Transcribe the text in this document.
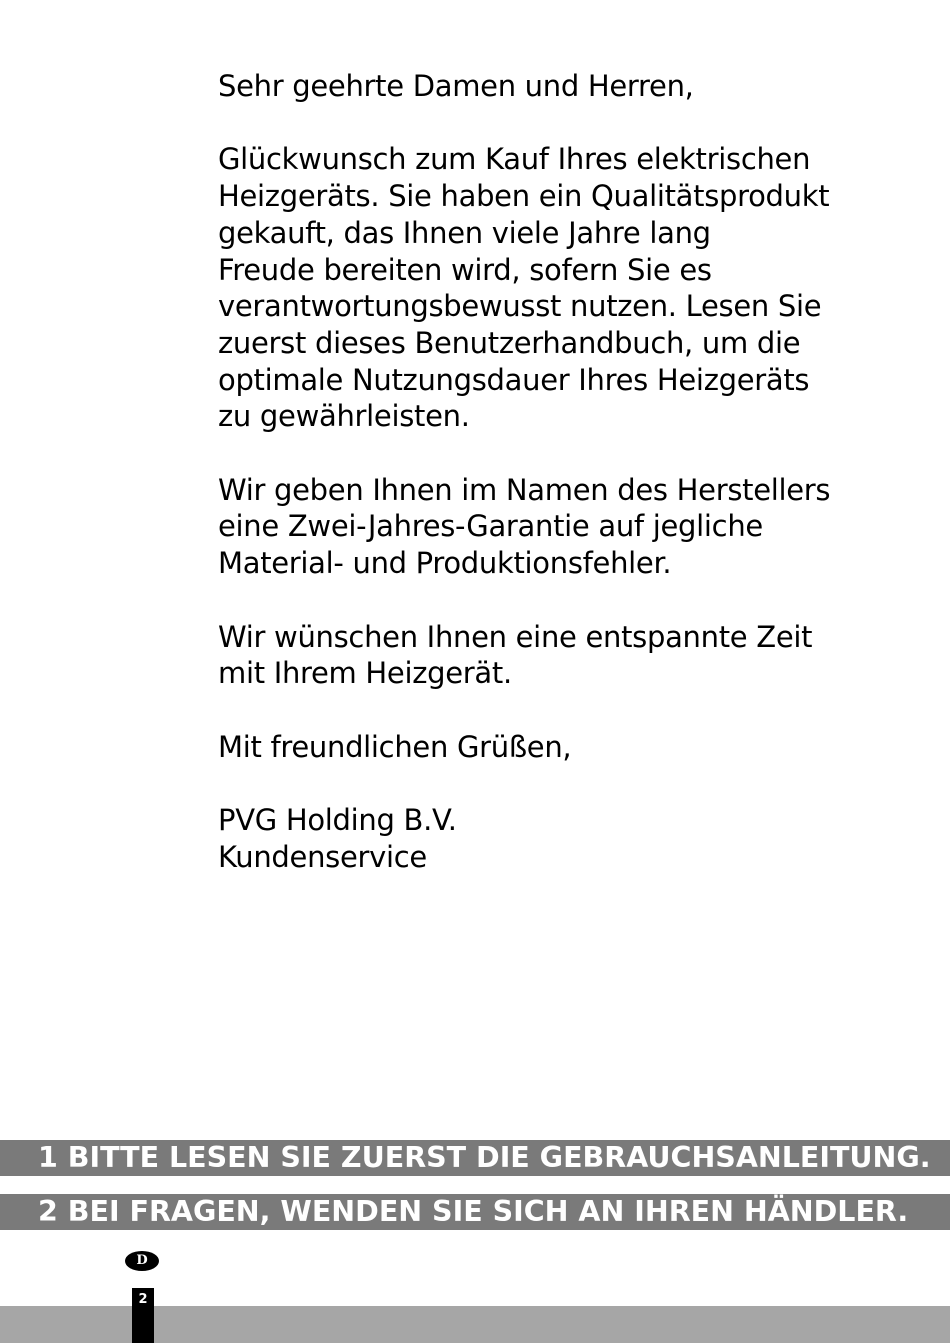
Sehr geehrte Damen und Herren,

Glückwunsch zum Kauf Ihres elektrischen
Heizgeräts. Sie haben ein Qualitätsprodukt
gekauft, das Ihnen viele Jahre lang
Freude bereiten wird, sofern Sie es
verantwortungsbewusst nutzen. Lesen Sie
zuerst dieses Benutzerhandbuch, um die
optimale Nutzungsdauer Ihres Heizgeräts
zu gewährleisten.

Wir geben Ihnen im Namen des Herstellers
eine Zwei-Jahres-Garantie auf jegliche
Material- und Produktionsfehler.

Wir wünschen Ihnen eine entspannte Zeit
mit Ihrem Heizgerät.

Mit freundlichen Grüßen,

PVG Holding B.V.

Kundenservice

1 BITTE LESEN SIE ZUERST DIE GEBRAUCHSANLEITUNG.
2 BEI FRAGEN, WENDEN SIE SICH AN IHREN HÄNDLER.
D
2
